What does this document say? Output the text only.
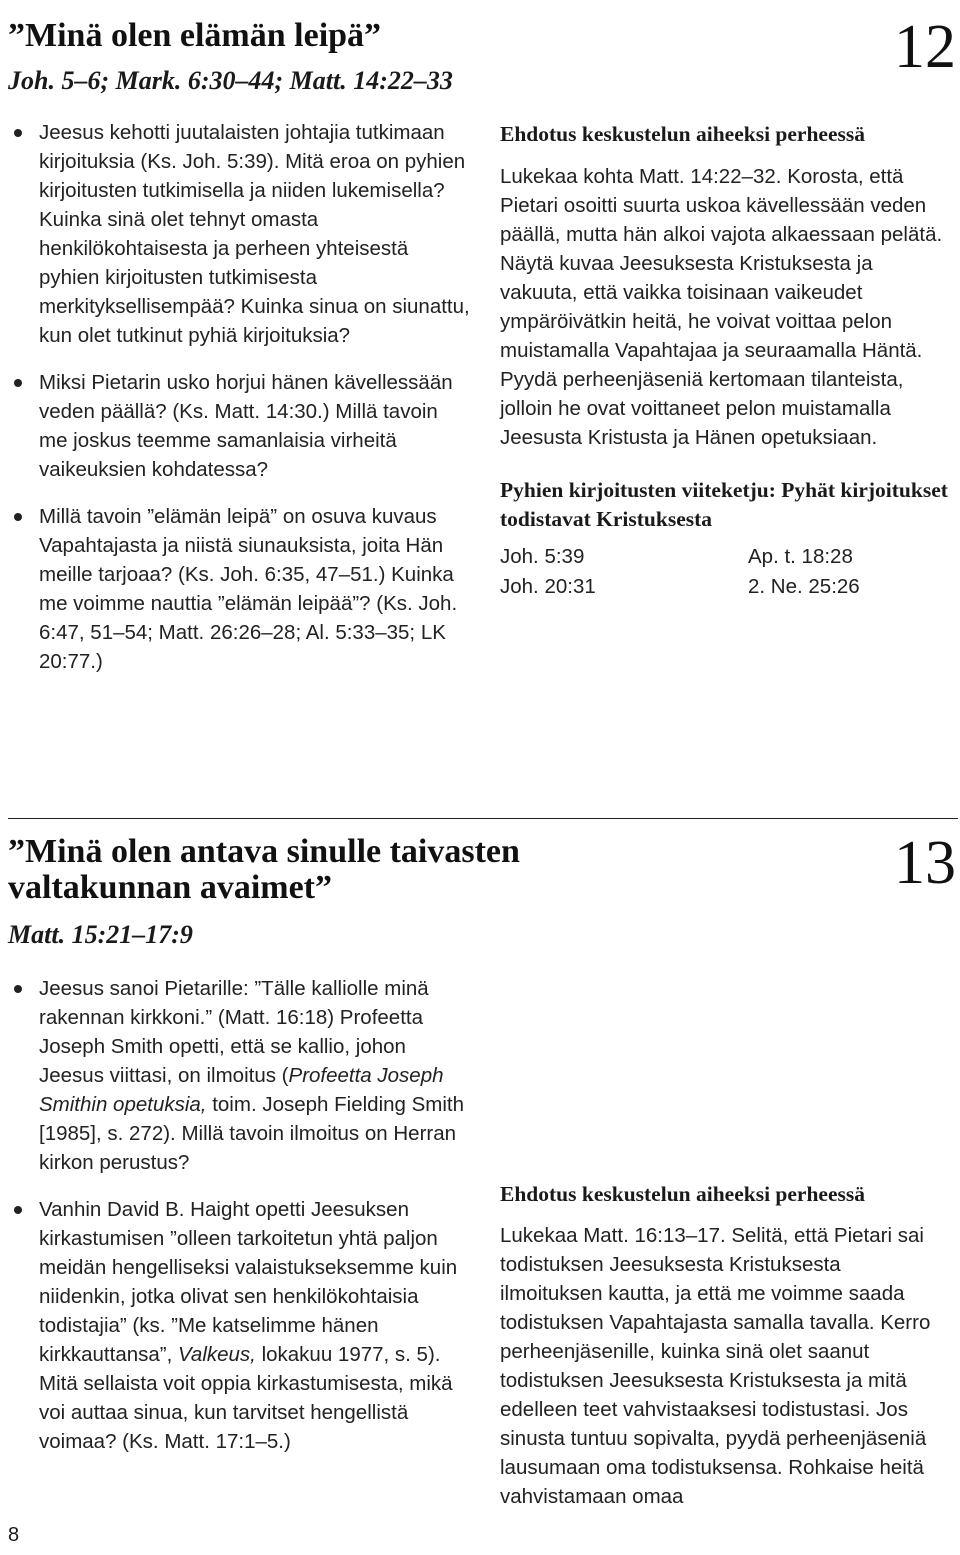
”Minä olen elämän leipä”
Joh. 5–6; Mark. 6:30–44; Matt. 14:22–33	12
Jeesus kehotti juutalaisten johtajia tutkimaan kirjoituksia (Ks. Joh. 5:39). Mitä eroa on pyhien kirjoitusten tutkimisella ja niiden lukemisella? Kuinka sinä olet tehnyt omasta henkilökohtaisesta ja perheen yhteisestä pyhien kirjoitusten tutkimisesta merkityksellisempää? Kuinka sinua on siunattu, kun olet tutkinut pyhiä kirjoituksia?
Miksi Pietarin usko horjui hänen kävellessään veden päällä? (Ks. Matt. 14:30.) Millä tavoin me joskus teemme samanlaisia virheitä vaikeuksien kohdatessa?
Millä tavoin ”elämän leipä” on osuva kuvaus Vapahtajasta ja niistä siunauksista, joita Hän meille tarjoaa? (Ks. Joh. 6:35, 47–51.) Kuinka me voimme nauttia ”elämän leipää”? (Ks. Joh. 6:47, 51–54; Matt. 26:26–28; Al. 5:33–35; LK 20:77.)
Ehdotus keskustelun aiheeksi perheessä

Lukekaa kohta Matt. 14:22–32. Korosta, että Pietari osoitti suurta uskoa kävellessään veden päällä, mutta hän alkoi vajota alkaessaan pelätä. Näytä kuvaa Jeesuksesta Kristuksesta ja vakuuta, että vaikka toisinaan vaikeudet ympäröivätkin heitä, he voivat voittaa pelon muistamalla Vapahtajaa ja seuraamalla Häntä. Pyydä perheenjäseniä kertomaan tilanteista, jolloin he ovat voittaneet pelon muistamalla Jeesusta Kristusta ja Hänen opetuksiaan.

Pyhien kirjoitusten viiteketju: Pyhät kirjoitukset todistavat Kristuksesta
Joh. 5:39	Ap. t. 18:28
Joh. 20:31	2. Ne. 25:26
”Minä olen antava sinulle taivasten
valtakunnan avaimet”
Matt. 15:21–17:9
13
Jeesus sanoi Pietarille: ”Tälle kalliolle minä rakennan kirkkoni.” (Matt. 16:18) Profeetta Joseph Smith opetti, että se kallio, johon Jeesus viittasi, on ilmoitus (Profeetta Joseph Smithin opetuksia, toim. Joseph Fielding Smith [1985], s. 272). Millä tavoin ilmoitus on Herran kirkon perustus?
Vanhin David B. Haight opetti Jeesuksen kirkastumisen ”olleen tarkoitetun yhtä paljon meidän hengelliseksi valaistukseksemme kuin niidenkin, jotka olivat sen henkilökohtaisia todistajia” (ks. ”Me katselimme hänen kirkkauttansa”, Valkeus, lokakuu 1977, s. 5). Mitä sellaista voit oppia kirkastumisesta, mikä voi auttaa sinua, kun tarvitset hengellistä voimaa? (Ks. Matt. 17:1–5.)
Ehdotus keskustelun aiheeksi perheessä

Lukekaa Matt. 16:13–17. Selitä, että Pietari sai todistuksen Jeesuksesta Kristuksesta ilmoituksen kautta, ja että me voimme saada todistuksen Vapahtajasta samalla tavalla. Kerro perheenjäsenille, kuinka sinä olet saanut todistuksen Jeesuksesta Kristuksesta ja mitä edelleen teet vahvistaaksesi todistustasi. Jos sinusta tuntuu sopivalta, pyydä perheenjäseniä lausumaan oma todistuksensa. Rohkaise heitä vahvistamaan omaa

8
